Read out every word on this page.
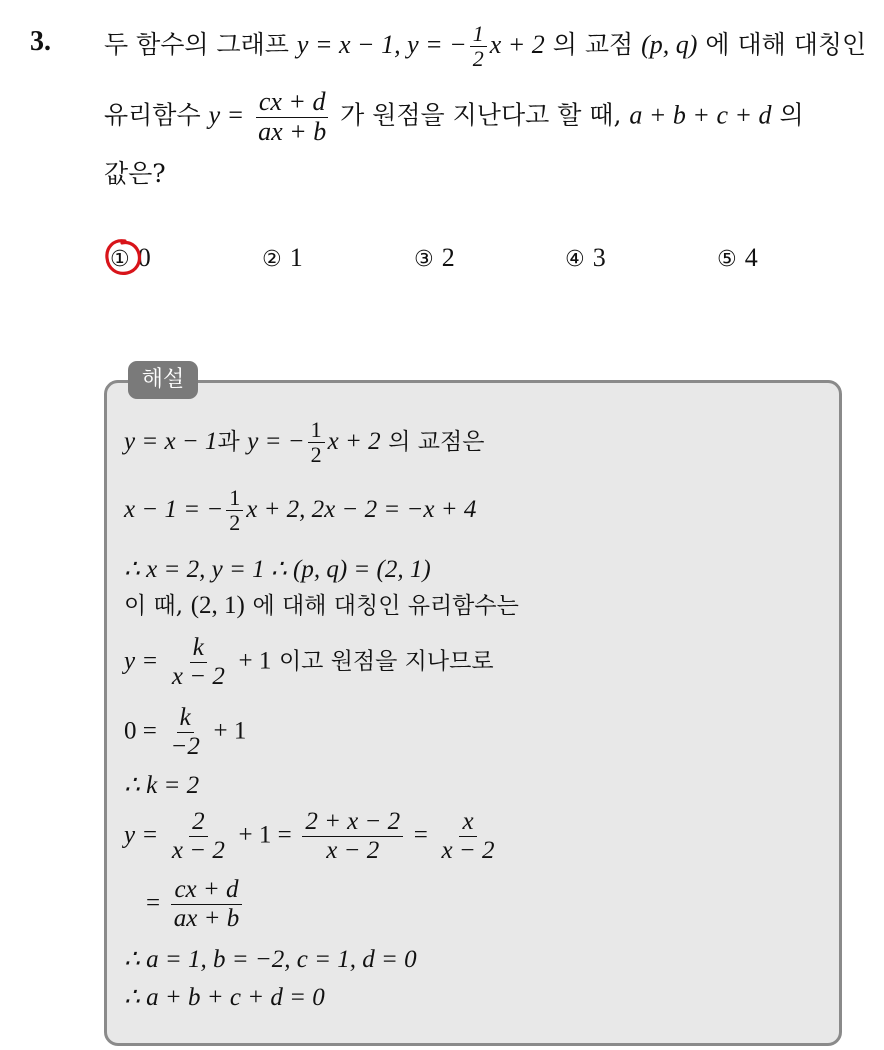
3. 두 함수의 그래프 y = x − 1, y = − $\frac{1}{2}$ x + 2 의 교점 (p, q) 에 대해 대칭인
유리함수 $y = \frac{cx + d}{ax + b}$ 가 원점을 지난다고 할 때, a + b + c + d 의
값은?
① 0	② 1	③ 2	④ 3	⑤ 4
해설
y = x − 1과 y = − $\frac{1}{2}$ x + 2 의 교점은
x − 1 = − $\frac{1}{2}$ x + 2, 2x − 2 = −x + 4
∴ x = 2, y = 1 ∴ (p, q) = (2, 1)
이 때, (2, 1) 에 대해 대칭인 유리함수는
$y = \frac{k}{x - 2} + 1$ 이고 원점을 지나므로
$0 = \frac{k}{-2} + 1$
∴ k = 2
$y = \frac{2}{x - 2} + 1 = \frac{2 + x - 2}{x - 2} = \frac{x}{x - 2}$
= $\frac{cx + d}{ax + b}$
∴ a = 1, b = −2, c = 1, d = 0
∴ a + b + c + d = 0
